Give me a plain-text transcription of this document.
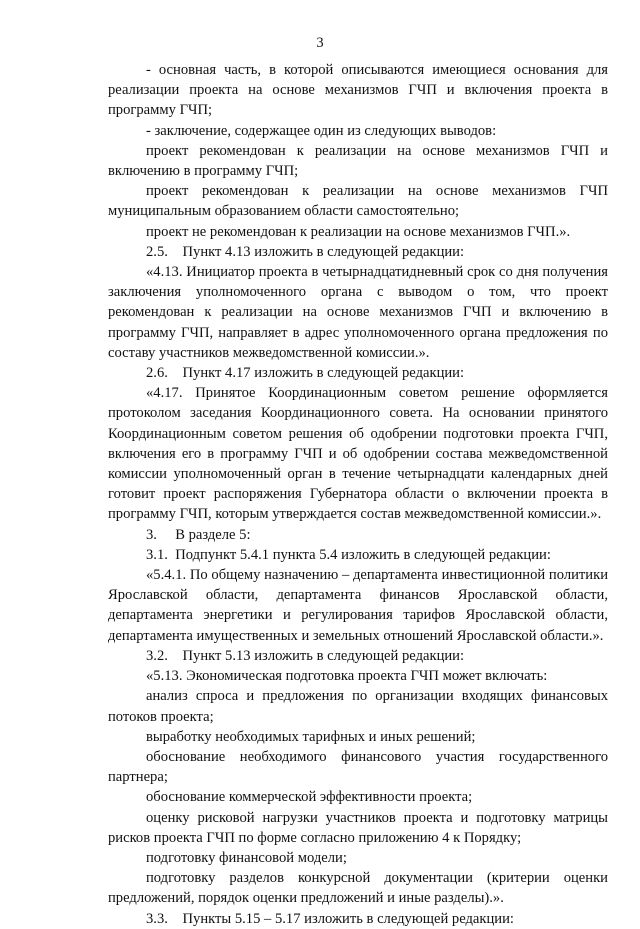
3

- основная часть, в которой описываются имеющиеся основания для реализации проекта на основе механизмов ГЧП и включения проекта в программу ГЧП;

- заключение, содержащее один из следующих выводов:

проект рекомендован к реализации на основе механизмов ГЧП и включению в программу ГЧП;

проект рекомендован к реализации на основе механизмов ГЧП муниципальным образованием области самостоятельно;

проект не рекомендован к реализации на основе механизмов ГЧП.».

2.5.    Пункт 4.13 изложить в следующей редакции:

«4.13. Инициатор проекта в четырнадцатидневный срок со дня получения заключения уполномоченного органа с выводом о том, что проект рекомендован к реализации на основе механизмов ГЧП и включению в программу ГЧП, направляет в адрес уполномоченного органа предложения по составу участников межведомственной комиссии.».

2.6.    Пункт 4.17 изложить в следующей редакции:

«4.17. Принятое Координационным советом решение оформляется протоколом заседания Координационного совета. На основании принятого Координационным советом решения об одобрении подготовки проекта ГЧП, включения его в программу ГЧП и об одобрении состава межведомственной комиссии уполномоченный орган в течение четырнадцати календарных дней готовит проект распоряжения Губернатора области о включении проекта в программу ГЧП, которым утверждается состав межведомственной комиссии.».

3.     В разделе 5:

3.1.  Подпункт 5.4.1 пункта 5.4 изложить в следующей редакции:

«5.4.1. По общему назначению – департамента инвестиционной политики Ярославской области, департамента финансов Ярославской области, департамента энергетики и регулирования тарифов Ярославской области, департамента имущественных и земельных отношений Ярославской области.».

3.2.    Пункт 5.13 изложить в следующей редакции:

«5.13. Экономическая подготовка проекта ГЧП может включать:

анализ спроса и предложения по организации входящих финансовых потоков проекта;

выработку необходимых тарифных и иных решений;

обоснование необходимого финансового участия государственного партнера;

обоснование коммерческой эффективности проекта;

оценку рисковой нагрузки участников проекта и подготовку матрицы рисков проекта ГЧП по форме согласно приложению 4 к Порядку;

подготовку финансовой модели;

подготовку разделов конкурсной документации (критерии оценки предложений, порядок оценки предложений и иные разделы).».

3.3.    Пункты 5.15 – 5.17 изложить в следующей редакции:
